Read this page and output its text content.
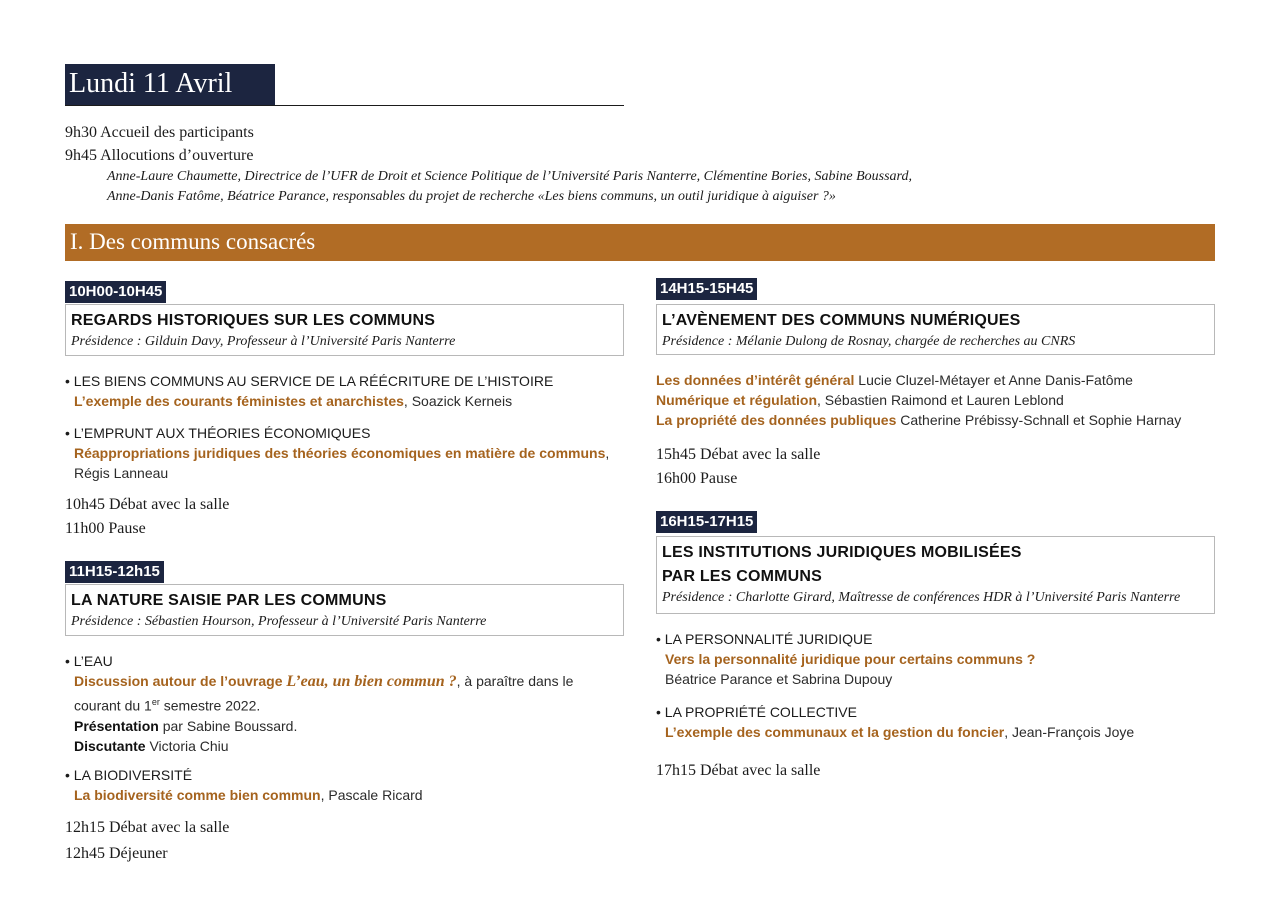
Lundi 11 Avril
9h30 Accueil des participants
9h45 Allocutions d’ouverture
Anne-Laure Chaumette, Directrice de l’UFR de Droit et Science Politique de l’Université Paris Nanterre, Clémentine Bories, Sabine Boussard,
Anne-Danis Fatôme, Béatrice Parance, responsables du projet de recherche «Les biens communs, un outil juridique à aiguiser ?»
I. Des communs consacrés
10H00-10H45
REGARDS HISTORIQUES SUR LES COMMUNS
Présidence : Gilduin Davy, Professeur à l’Université Paris Nanterre
• LES BIENS COMMUNS AU SERVICE DE LA RÉÉCRITURE DE L’HISTOIRE
L’exemple des courants féministes et anarchistes, Soazick Kerneis
• L’EMPRUNT AUX THÉORIES ÉCONOMIQUES
Réappropriations juridiques des théories économiques en matière de communs,
Régis Lanneau
10h45 Débat avec la salle
11h00 Pause
11H15-12h15
LA NATURE SAISIE PAR LES COMMUNS
Présidence : Sébastien Hourson, Professeur à l’Université Paris Nanterre
• L’EAU
Discussion autour de l’ouvrage L’eau, un bien commun ?, à paraître dans le
courant du 1er semestre 2022.
Présentation par Sabine Boussard.
Discutante Victoria Chiu
• LA BIODIVERSITÉ
La biodiversité comme bien commun, Pascale Ricard
12h15 Débat avec la salle
12h45 Déjeuner
14H15-15H45
L’AVÈNEMENT DES COMMUNS NUMÉRIQUES
Présidence : Mélanie Dulong de Rosnay, chargée de recherches au CNRS
Les données d’intérêt général Lucie Cluzel-Métayer et Anne Danis-Fatôme
Numérique et régulation, Sébastien Raimond et Lauren Leblond
La propriété des données publiques Catherine Prébissy-Schnall et Sophie Harnay
15h45 Débat avec la salle
16h00 Pause
16H15-17H15
LES INSTITUTIONS JURIDIQUES MOBILISÉES
PAR LES COMMUNS
Présidence : Charlotte Girard, Maîtresse de conférences HDR à l’Université Paris Nanterre
• LA PERSONNALITÉ JURIDIQUE
Vers la personnalité juridique pour certains communs ?
Béatrice Parance et Sabrina Dupouy
• LA PROPRIÉTÉ COLLECTIVE
L’exemple des communaux et la gestion du foncier, Jean-François Joye
17h15 Débat avec la salle
